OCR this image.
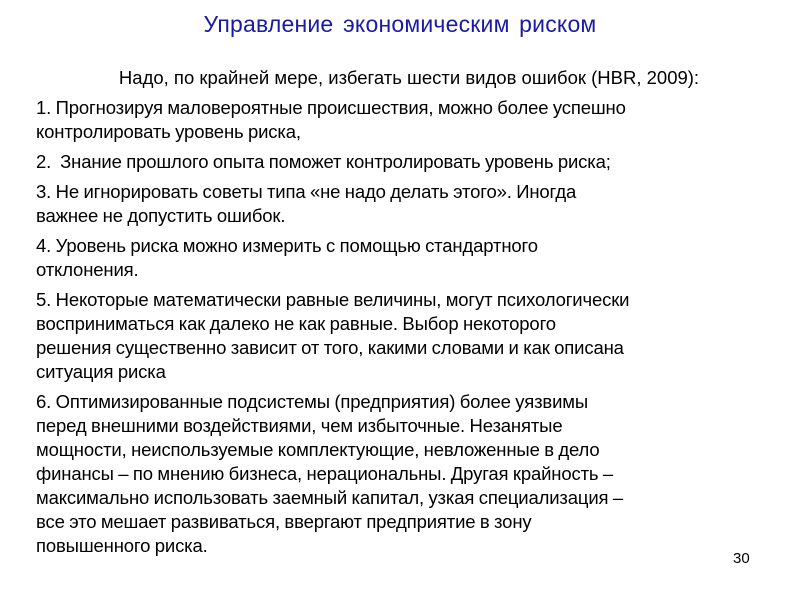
Управление экономическим риском
Надо, по крайней мере, избегать шести видов ошибок (HBR, 2009):

1. Прогнозируя маловероятные происшествия, можно более успешно
контролировать уровень риска,

2.  Знание прошлого опыта поможет контролировать уровень риска;

3. Не игнорировать советы типа «не надо делать этого». Иногда
важнее не допустить ошибок.

4. Уровень риска можно измерить с помощью стандартного
отклонения.

5. Некоторые математически равные величины, могут психологически
восприниматься как далеко не как равные. Выбор некоторого
решения существенно зависит от того, какими словами и как описана
ситуация риска

6. Оптимизированные подсистемы (предприятия) более уязвимы
перед внешними воздействиями, чем избыточные. Незанятые
мощности, неиспользуемые комплектующие, невложенные в дело
финансы – по мнению бизнеса, нерациональны. Другая крайность –
максимально использовать заемный капитал, узкая специализация –
все это мешает развиваться, ввергают предприятие в зону
повышенного риска.

30
